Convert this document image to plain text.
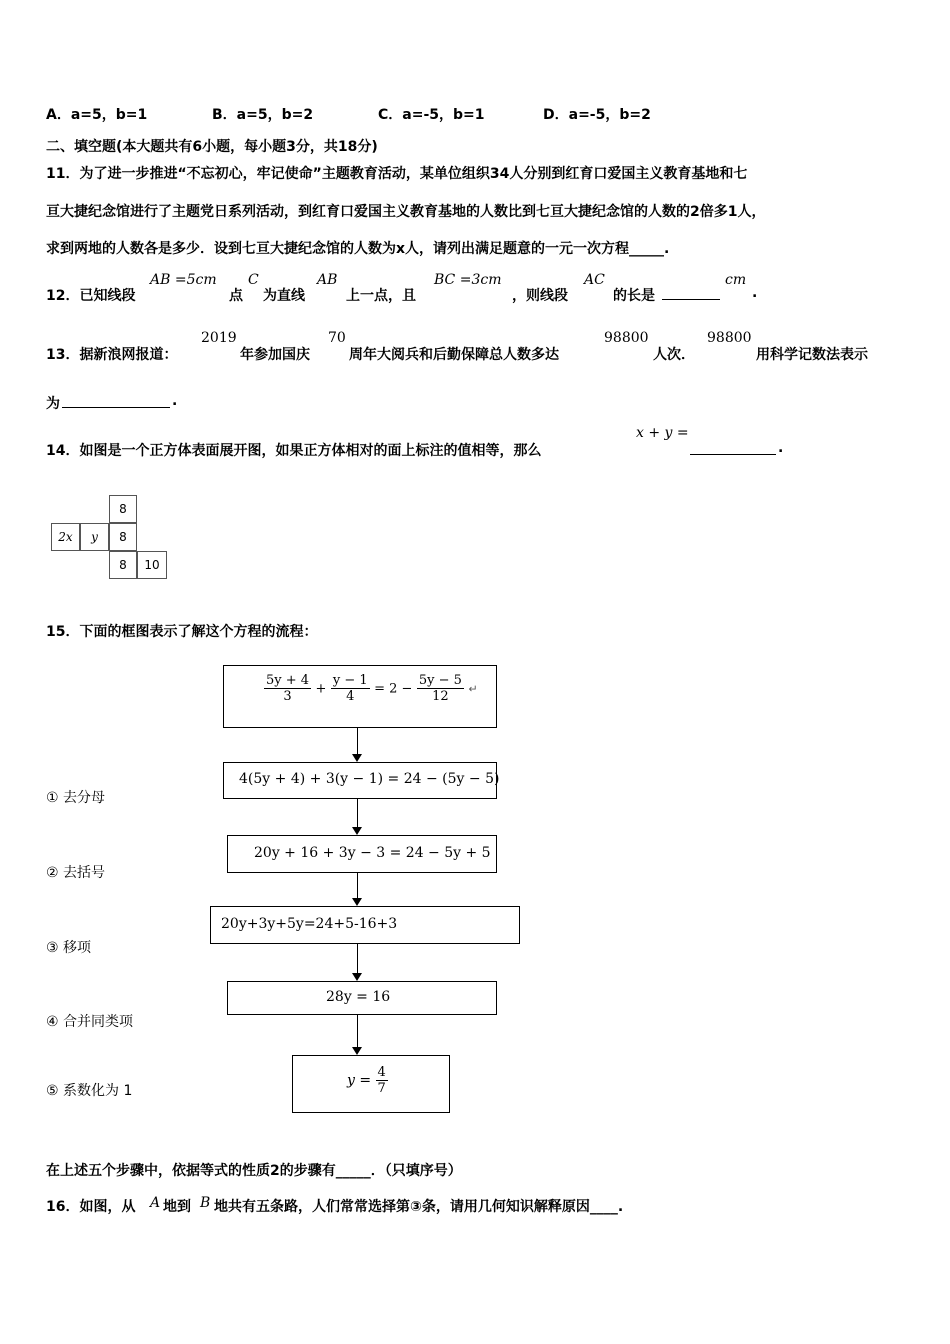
A．a=5，b=1	B．a=5，b=2	C．a=-5，b=1	D．a=-5，b=2
二、填空题(本大题共有6小题，每小题3分，共18分)
11．为了进一步推进“不忘初心，牢记使命”主题教育活动，某单位组织34人分别到红育口爱国主义教育基地和七
亘大捷纪念馆进行了主题党日系列活动，到红育口爱国主义教育基地的人数比到七亘大捷纪念馆的人数的2倍多1人，
求到两地的人数各是多少．设到七亘大捷纪念馆的人数为x人，请列出满足题意的一元一次方程_____.
12．已知线段
AB =5cm
点
C
为直线
AB
上一点，且
BC =3cm
，则线段
AC
的长是
cm
.
13．据新浪网报道：
2019
年参加国庆
70
周年大阅兵和后勤保障总人数多达
98800
人次．
98800
用科学记数法表示
为	.
14．如图是一个正方体表面展开图，如果正方体相对的面上标注的值相等，那么
x + y =
.
8
2x	y	8
8	10
15．下面的框图表示了解这个方程的流程：
$\frac{5y + 4}{3} + \frac{y - 1}{4} = 2 - \frac{5y - 5}{12}$ ↵
4(5y + 4) + 3(y − 1) = 24 − (5y − 5)
20y + 16 + 3y − 3 = 24 − 5y + 5
20y+3y+5y=24+5-16+3
28y = 16
$y = \frac{4}{7}$
① 去分母
② 去括号
③ 移项
④ 合并同类项
⑤ 系数化为 1
在上述五个步骤中，依据等式的性质2的步骤有_____．（只填序号）
16．如图，从 A 地到 B 地共有五条路，人们常常选择第③条，请用几何知识解释原因____.
